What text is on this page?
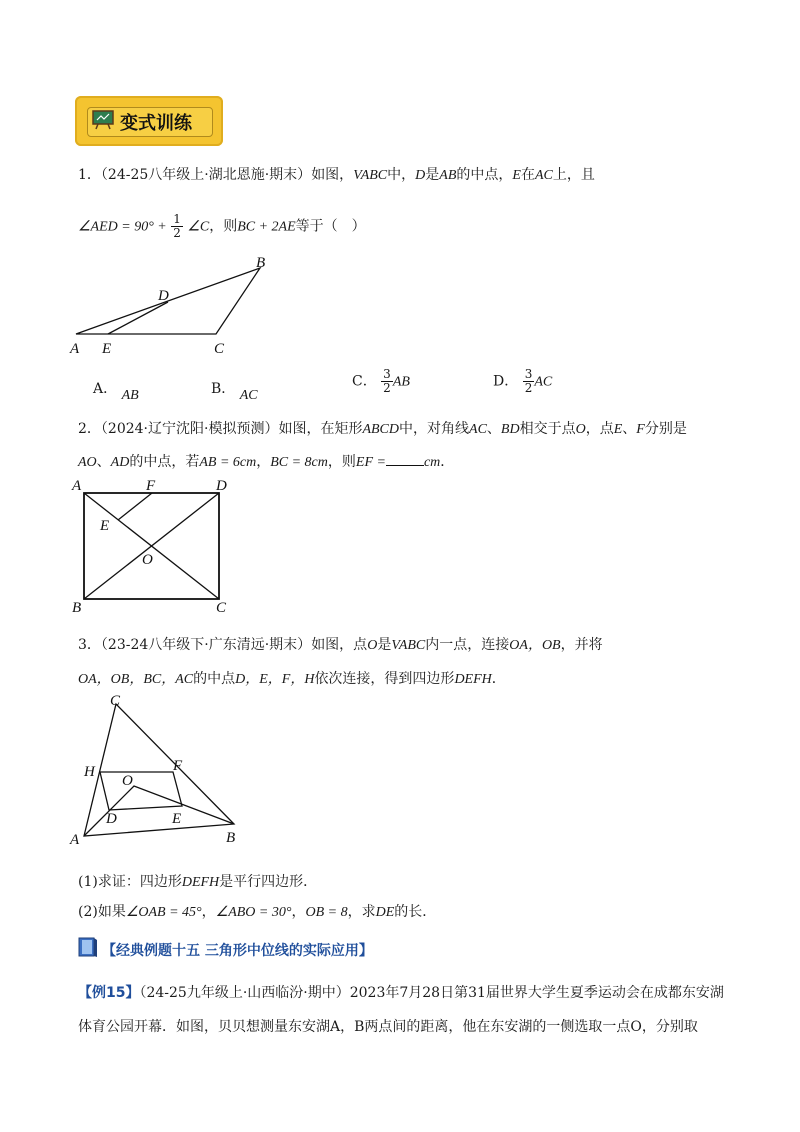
变式训练
1．（24-25八年级上·湖北恩施·期末）如图，VABC中，D是AB的中点，E在AC上，且
∠AED = $90^\circ + \frac{1}{2}$ ∠C，则BC + 2AE等于（　）
A E	C
D
B
A． AB	B． AC
C． $\frac{3}{2}$ AB	D． $\frac{3}{2}$ AC
2．（2024·辽宁沈阳·模拟预测）如图，在矩形ABCD中，对角线AC、BD相交于点O，点E、F分别是
AO、AD的中点，若AB = 6cm，BC = 8cm，则EF =	cm．
A	F	D
E
O
B	C
3．（23-24八年级下·广东清远·期末）如图，点O是VABC内一点，连接OA，OB，并将
OA，OB，BC，AC的中点D，E，F，H依次连接，得到四边形DEFH．
C
H	F
O
D	E
A	B
(1)求证：四边形DEFH是平行四边形．
(2)如果∠OAB = 45°，∠ABO = 30°，OB = 8，求DE的长．
【经典例题十五 三角形中位线的实际应用】
【例15】（24-25九年级上·山西临汾·期中）2023年7月28日第31届世界大学生夏季运动会在成都东安湖
体育公园开幕．如图，贝贝想测量东安湖A，B两点间的距离，他在东安湖的一侧选取一点O，分别取
